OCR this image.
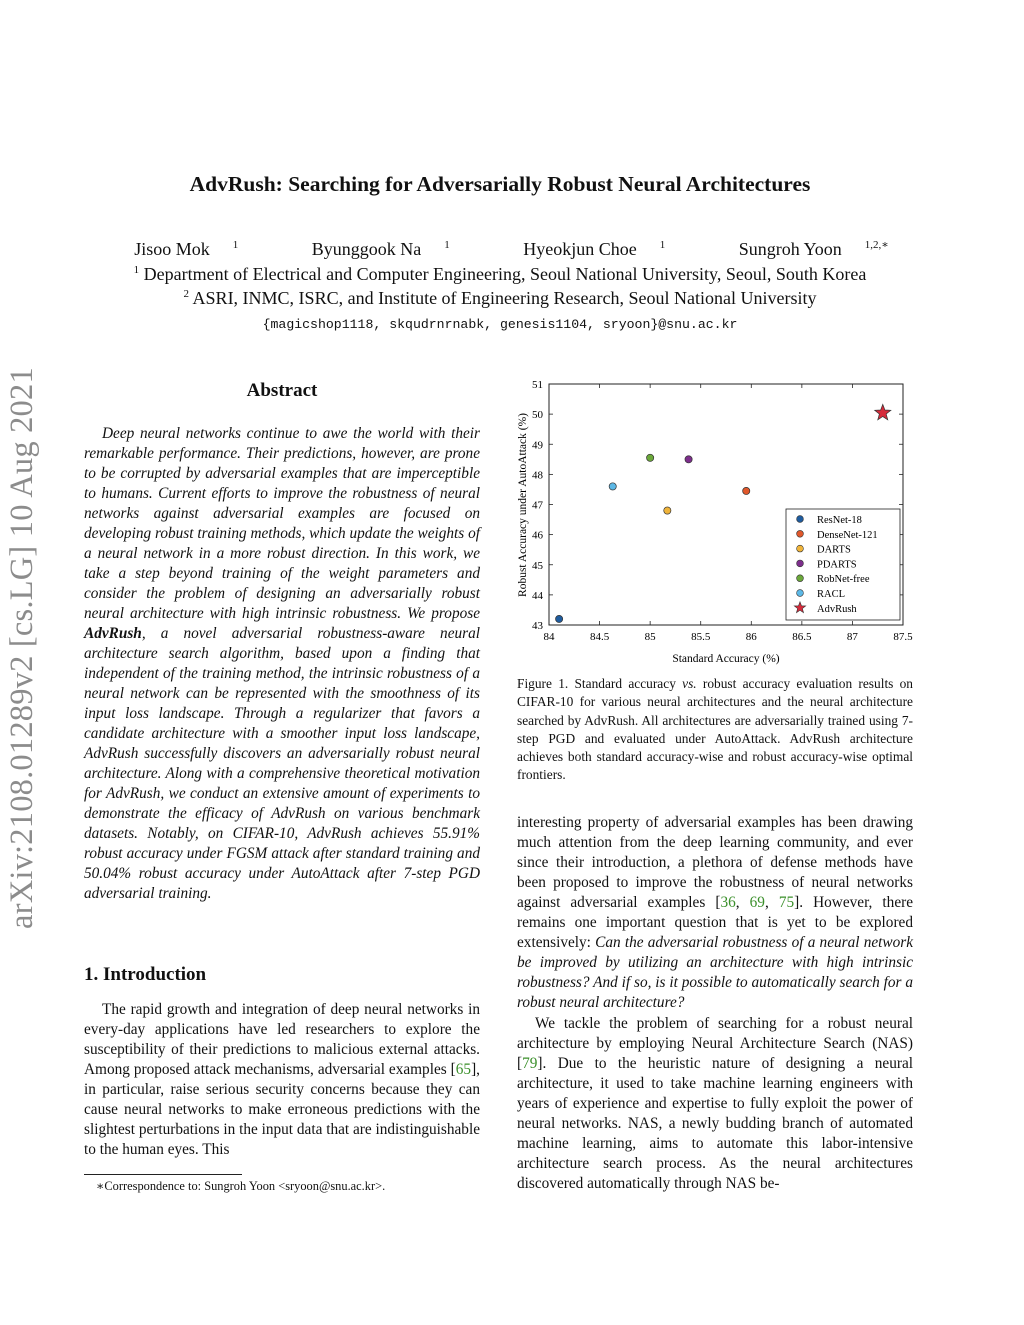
arXiv:2108.01289v2 [cs.LG] 10 Aug 2021
AdvRush: Searching for Adversarially Robust Neural Architectures
Jisoo Mok $^1$	Byunggook Na $^1$	Hyeokjun Choe $^1$	Sungroh Yoon $^{1,2,∗}$
$^1$ Department of Electrical and Computer Engineering, Seoul National University, Seoul, South Korea
$^2$ ASRI, INMC, ISRC, and Institute of Engineering Research, Seoul National University
{magicshop1118, skqudrnrnabk, genesis1104, sryoon}@snu.ac.kr
Abstract
Deep neural networks continue to awe the world with their remarkable performance. Their predictions, however, are prone to be corrupted by adversarial examples that are imperceptible to humans. Current efforts to improve the robustness of neural networks against adversarial examples are focused on developing robust training methods, which update the weights of a neural network in a more robust direction. In this work, we take a step beyond training of the weight parameters and consider the problem of designing an adversarially robust neural architecture with high intrinsic robustness. We propose AdvRush, a novel adversarial robustness-aware neural architecture search algorithm, based upon a finding that independent of the training method, the intrinsic robustness of a neural network can be represented with the smoothness of its input loss landscape. Through a regularizer that favors a candidate architecture with a smoother input loss landscape, AdvRush successfully discovers an adversarially robust neural architecture. Along with a comprehensive theoretical motivation for AdvRush, we conduct an extensive amount of experiments to demonstrate the efficacy of AdvRush on various benchmark datasets. Notably, on CIFAR-10, AdvRush achieves 55.91% robust accuracy under FGSM attack after standard training and 50.04% robust accuracy under AutoAttack after 7-step PGD adversarial training.
1. Introduction
The rapid growth and integration of deep neural networks in every-day applications have led researchers to explore the susceptibility of their predictions to malicious external attacks. Among proposed attack mechanisms, adversarial examples [65], in particular, raise serious security concerns because they can cause neural networks to make erroneous predictions with the slightest perturbations in the input data that are indistinguishable to the human eyes. This
∗Correspondence to: Sungroh Yoon <sryoon@snu.ac.kr>.
43
44
45
46
47
48
49
50
51
84	84.5	85	85.5	86	86.5	87	87.5
Robust Accuracy under AutoAttack (%)
Standard Accuracy (%)
ResNet-18
DenseNet-121
DARTS
PDARTS
RobNet-free
RACL
AdvRush
Figure 1. Standard accuracy vs. robust accuracy evaluation results on CIFAR-10 for various neural architectures and the neural architecture searched by AdvRush. All architectures are adversarially trained using 7-step PGD and evaluated under AutoAttack. AdvRush architecture achieves both standard accuracy-wise and robust accuracy-wise optimal frontiers.
interesting property of adversarial examples has been drawing much attention from the deep learning community, and ever since their introduction, a plethora of defense methods have been proposed to improve the robustness of neural networks against adversarial examples [36, 69, 75]. However, there remains one important question that is yet to be explored extensively: Can the adversarial robustness of a neural network be improved by utilizing an architecture with high intrinsic robustness? And if so, is it possible to automatically search for a robust neural architecture?
We tackle the problem of searching for a robust neural architecture by employing Neural Architecture Search (NAS) [79]. Due to the heuristic nature of designing a neural architecture, it used to take machine learning engineers with years of experience and expertise to fully exploit the power of neural networks. NAS, a newly budding branch of automated machine learning, aims to automate this labor-intensive architecture search process. As the neural architectures discovered automatically through NAS be-
